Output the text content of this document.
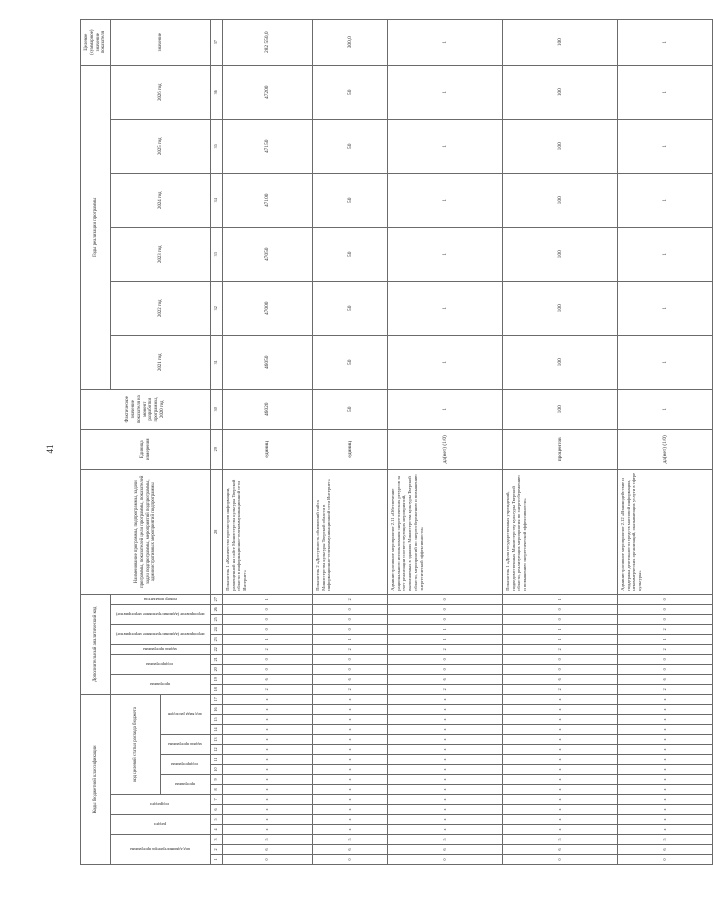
41
Коды бюджетной классификации																	Дополнительный аналитический код										Наименование программы, подпрограммы, задачи программы, показателей цели программы, показателей задач подпрограммы, мероприятий подпрограммы, административных мероприятий подпрограммы	Единица измерения	Фактическое значение показателя на момент разработки программы, 2020 год	Годы реализации программы						Целевое (суммарное) значение показателя
код администратора программы			раздел		подраздел		код целевой статьи расхода бюджета										программа		подпрограмма		задача программы	мероприятие (административное мероприятие)		мероприятие (административное мероприятие)		номер показателя				2021 год	2022 год	2023 год	2024 год	2025 год	2026 год	значение
							программа		подпрограмма		задача программы		код вида расходов																							
1	2	3	4	5	6	7	8	9	10	11	12	13	14	15	16	17	18	19	20	21	22	23	24	25	26	27	28	29	30	31	32	33	34	35	36	37
0	6	5	х	х	х	х	х	х	х	х	х	х	х	х	х	х	2	6	0	0	2	1	0	0	0	1	Показатель 1 «Количество просмотров информации, размещенной на сайте Министерства культуры Тверской области в информационно-телекоммуникационной сети Интернет»	единиц	46020	46050	47000	47050	47100	47150	47200	282 550,0
0	6	5	х	х	х	х	х	х	х	х	х	х	х	х	х	х	2	6	0	0	2	1	0	0	0	2	Показатель 2 «Доступность обновлений сайта Министерства культуры Тверской области в информационно-телекоммуникационной сети Интернет»	единиц	50	50	50	50	50	50	50	300,0
0	6	5	х	х	х	х	х	х	х	х	х	х	х	х	х	х	2	6	0	0	2	1	1	0	0	0	Административное мероприятие 2.11 «Обеспечение рационального использования энергетических ресурсов за счет реализации соответствующих мероприятий, выполняемых в зданиях Министерства культуры Тверской области, мероприятий по энергосбережению и повышению энергетической эффективности»	да(нет) (1/0)	1	1	1	1	1	1	1	1
0	6	5	х	х	х	х	х	х	х	х	х	х	х	х	х	х	2	6	0	0	2	1	1	0	0	1	Показатель 1 «Доля государственных учреждений, подведомственных Министерству культуры Тверской области, реализующих мероприятия по энергосбережению и повышению энергетической эффективности»	процентов	100	100	100	100	100	100	100	100
0	6	5	х	х	х	х	х	х	х	х	х	х	х	х	х	х	2	6	0	0	2	1	2	0	0	0	Административное мероприятие 2.12 «Взаимодействие и поддержка деятельности средств массовой информации, некоммерческих организаций, оказывающих услуги в сфере культуры»	да(нет) (1/0)	1	1	1	1	1	1	1	1
